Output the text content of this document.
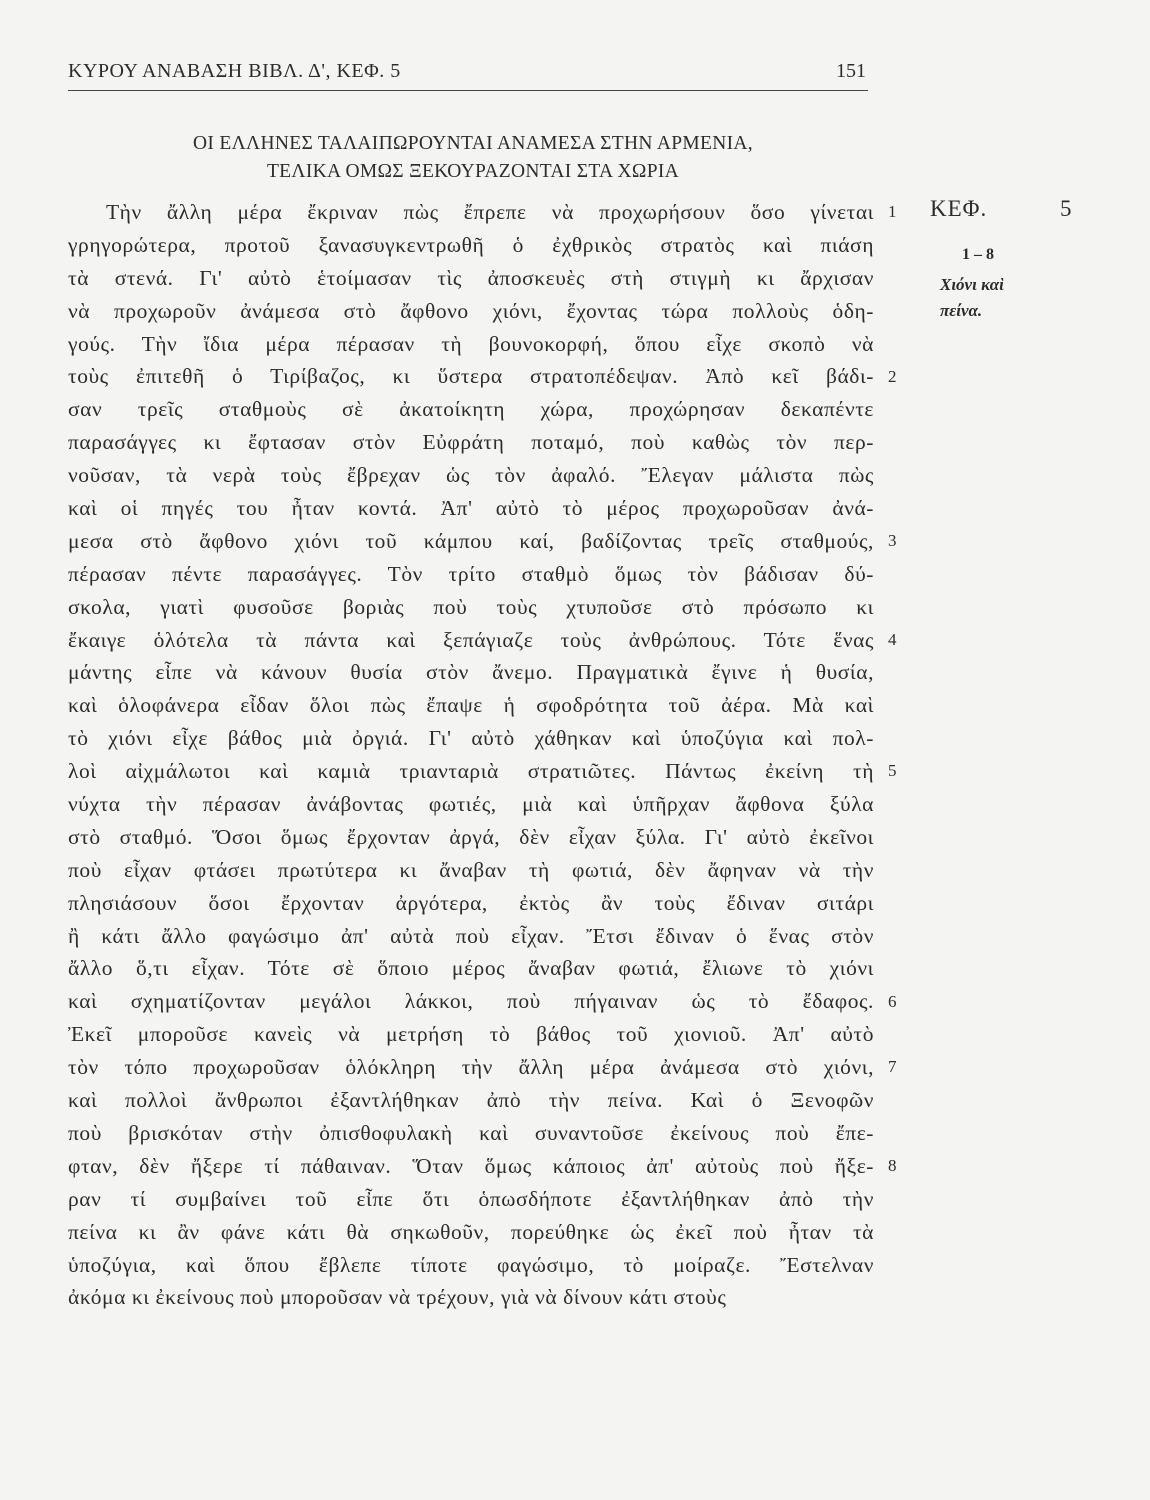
ΚΥΡΟΥ ΑΝΑΒΑΣΗ ΒΙΒΛ. Δ', ΚΕΦ. 5	151
ΟΙ ΕΛΛΗΝΕΣ ΤΑΛΑΙΠΩΡΟΥΝΤΑΙ ΑΝΑΜΕΣΑ ΣΤΗΝ ΑΡΜΕΝΙΑ,
ΤΕΛΙΚΑ ΟΜΩΣ ΞΕΚΟΥΡΑΖΟΝΤΑΙ ΣΤΑ ΧΩΡΙΑ
Τὴν ἄλλη μέρα ἔκριναν πὼς ἔπρεπε νὰ προχωρήσουν ὅσο γίνεται
γρηγορώτερα, προτοῦ ξανασυγκεντρωθῆ ὁ ἐχθρικὸς στρατὸς καὶ πιάση
τὰ στενά. Γι' αὐτὸ ἑτοίμασαν τὶς ἀποσκευὲς στὴ στιγμὴ κι ἄρχισαν
νὰ προχωροῦν ἀνάμεσα στὸ ἄφθονο χιόνι, ἔχοντας τώρα πολλοὺς ὁδη-
γούς. Τὴν ἴδια μέρα πέρασαν τὴ βουνοκορφή, ὅπου εἶχε σκοπὸ νὰ
τοὺς ἐπιτεθῆ ὁ Τιρίβαζος, κι ὕστερα στρατοπέδεψαν. Ἀπὸ κεῖ βάδι-
σαν τρεῖς σταθμοὺς σὲ ἀκατοίκητη χώρα, προχώρησαν δεκαπέντε
παρασάγγες κι ἔφτασαν στὸν Εὐφράτη ποταμό, ποὺ καθὼς τὸν περ-
νοῦσαν, τὰ νερὰ τοὺς ἔβρεχαν ὡς τὸν ἀφαλό. Ἔλεγαν μάλιστα πὼς
καὶ οἱ πηγές του ἦταν κοντά. Ἀπ' αὐτὸ τὸ μέρος προχωροῦσαν ἀνά-
μεσα στὸ ἄφθονο χιόνι τοῦ κάμπου καί, βαδίζοντας τρεῖς σταθμούς,
πέρασαν πέντε παρασάγγες. Τὸν τρίτο σταθμὸ ὅμως τὸν βάδισαν δύ-
σκολα, γιατὶ φυσοῦσε βοριὰς ποὺ τοὺς χτυποῦσε στὸ πρόσωπο κι
ἔκαιγε ὁλότελα τὰ πάντα καὶ ξεπάγιαζε τοὺς ἀνθρώπους. Τότε ἕνας
μάντης εἶπε νὰ κάνουν θυσία στὸν ἄνεμο. Πραγματικὰ ἔγινε ἡ θυσία,
καὶ ὁλοφάνερα εἶδαν ὅλοι πὼς ἔπαψε ἡ σφοδρότητα τοῦ ἀέρα. Μὰ καὶ
τὸ χιόνι εἶχε βάθος μιὰ ὀργιά. Γι' αὐτὸ χάθηκαν καὶ ὑποζύγια καὶ πολ-
λοὶ αἰχμάλωτοι καὶ καμιὰ τριανταριὰ στρατιῶτες. Πάντως ἐκείνη τὴ
νύχτα τὴν πέρασαν ἀνάβοντας φωτιές, μιὰ καὶ ὑπῆρχαν ἄφθονα ξύλα
στὸ σταθμό. Ὅσοι ὅμως ἔρχονταν ἀργά, δὲν εἶχαν ξύλα. Γι' αὐτὸ ἐκεῖνοι
ποὺ εἶχαν φτάσει πρωτύτερα κι ἄναβαν τὴ φωτιά, δὲν ἄφηναν νὰ τὴν
πλησιάσουν ὅσοι ἔρχονταν ἀργότερα, ἐκτὸς ἂν τοὺς ἔδιναν σιτάρι
ἢ κάτι ἄλλο φαγώσιμο ἀπ' αὐτὰ ποὺ εἶχαν. Ἔτσι ἔδιναν ὁ ἕνας στὸν
ἄλλο ὅ,τι εἶχαν. Τότε σὲ ὅποιο μέρος ἄναβαν φωτιά, ἔλιωνε τὸ χιόνι
καὶ σχηματίζονταν μεγάλοι λάκκοι, ποὺ πήγαιναν ὡς τὸ ἔδαφος.
Ἐκεῖ μποροῦσε κανεὶς νὰ μετρήση τὸ βάθος τοῦ χιονιοῦ. Ἀπ' αὐτὸ
τὸν τόπο προχωροῦσαν ὁλόκληρη τὴν ἄλλη μέρα ἀνάμεσα στὸ χιόνι,
καὶ πολλοὶ ἄνθρωποι ἐξαντλήθηκαν ἀπὸ τὴν πείνα. Καὶ ὁ Ξενοφῶν
ποὺ βρισκόταν στὴν ὀπισθοφυλακὴ καὶ συναντοῦσε ἐκείνους ποὺ ἔπε-
φταν, δὲν ἤξερε τί πάθαιναν. Ὅταν ὅμως κάποιος ἀπ' αὐτοὺς ποὺ ἤξε-
ραν τί συμβαίνει τοῦ εἶπε ὅτι ὁπωσδήποτε ἐξαντλήθηκαν ἀπὸ τὴν
πείνα κι ἂν φάνε κάτι θὰ σηκωθοῦν, πορεύθηκε ὡς ἐκεῖ ποὺ ἦταν τὰ
ὑποζύγια, καὶ ὅπου ἔβλεπε τίποτε φαγώσιμο, τὸ μοίραζε. Ἔστελναν
ἀκόμα κι ἐκείνους ποὺ μποροῦσαν νὰ τρέχουν, γιὰ νὰ δίνουν κάτι στοὺς
1
2
3
4
5
6
7
8
ΚΕΦ.	5
1 – 8
Χιόνι καὶ
πείνα.
